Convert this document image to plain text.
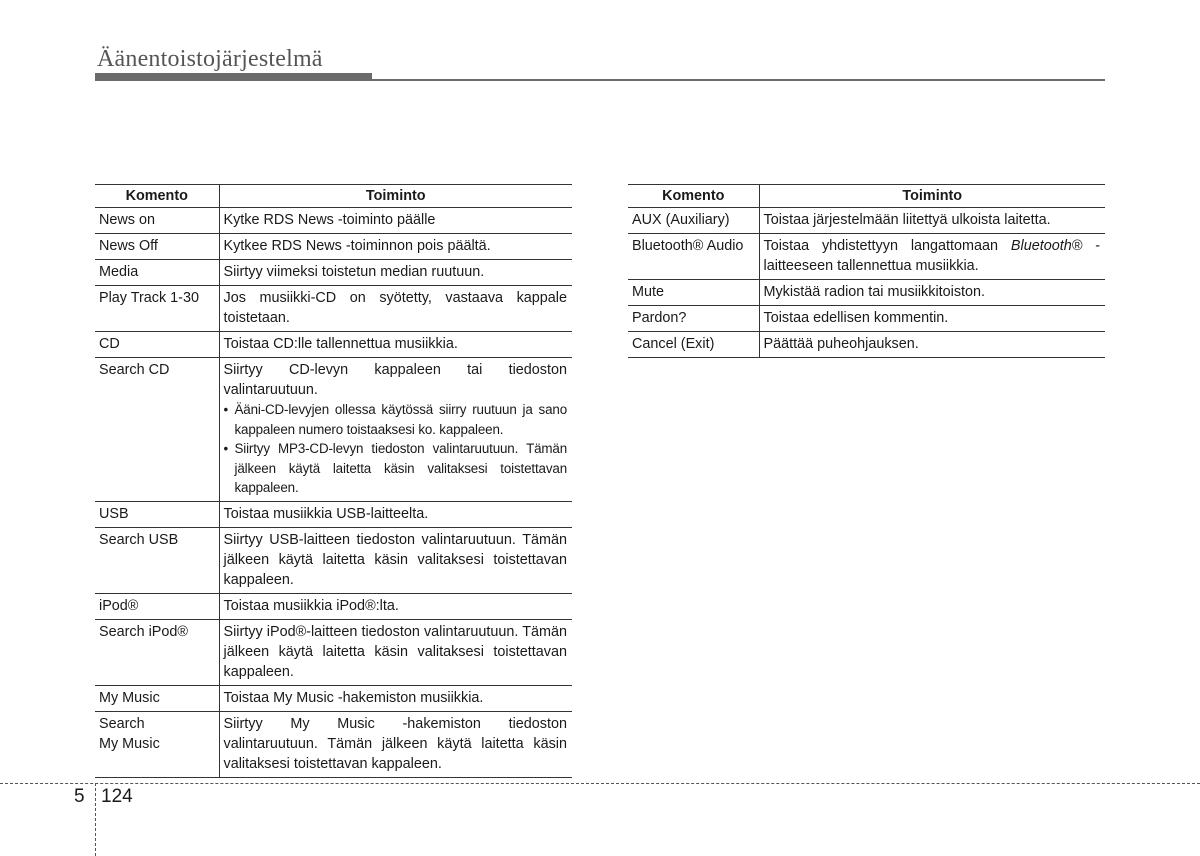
Äänentoistojärjestelmä
Komento	Toiminto

News on	Kytke RDS News -toiminto päälle

News Off	Kytkee RDS News -toiminnon pois päältä.

Media	Siirtyy viimeksi toistetun median ruutuun.

Play Track 1-30	Jos musiikki-CD on syötetty, vastaava kappale toistetaan.

CD	Toistaa CD:lle tallennettua musiikkia.

Search CD	Siirtyy CD-levyn kappaleen tai tiedoston valintaruutuun.
• Ääni-CD-levyjen ollessa käytössä siirry ruutuun ja sano kappaleen numero toistaaksesi ko. kappaleen.
• Siirtyy MP3-CD-levyn tiedoston valintaruutuun. Tämän jälkeen käytä laitetta käsin valitaksesi toistettavan kappaleen.

USB	Toistaa musiikkia USB-laitteelta.

Search USB	Siirtyy USB-laitteen tiedoston valintaruutuun. Tämän jälkeen käytä laitetta käsin valitaksesi toistettavan kappaleen.

iPod®	Toistaa musiikkia iPod®:lta.

Search iPod®	Siirtyy iPod®-laitteen tiedoston valintaruutuun. Tämän jälkeen käytä laitetta käsin valitaksesi toistettavan kappaleen.

My Music	Toistaa My Music -hakemiston musiikkia.

Search
My Music	Siirtyy My Music -hakemiston tiedoston valintaruutuun. Tämän jälkeen käytä laitetta käsin valitaksesi toistettavan kappaleen.
Komento	Toiminto

AUX (Auxiliary)	Toistaa järjestelmään liitettyä ulkoista laitetta.

Bluetooth® Audio	Toistaa yhdistettyyn langattomaan Bluetooth® -laitteeseen tallennettua musiikkia.

Mute	Mykistää radion tai musiikkitoiston.

Pardon?	Toistaa edellisen kommentin.

Cancel (Exit)	Päättää puheohjauksen.
5 124
